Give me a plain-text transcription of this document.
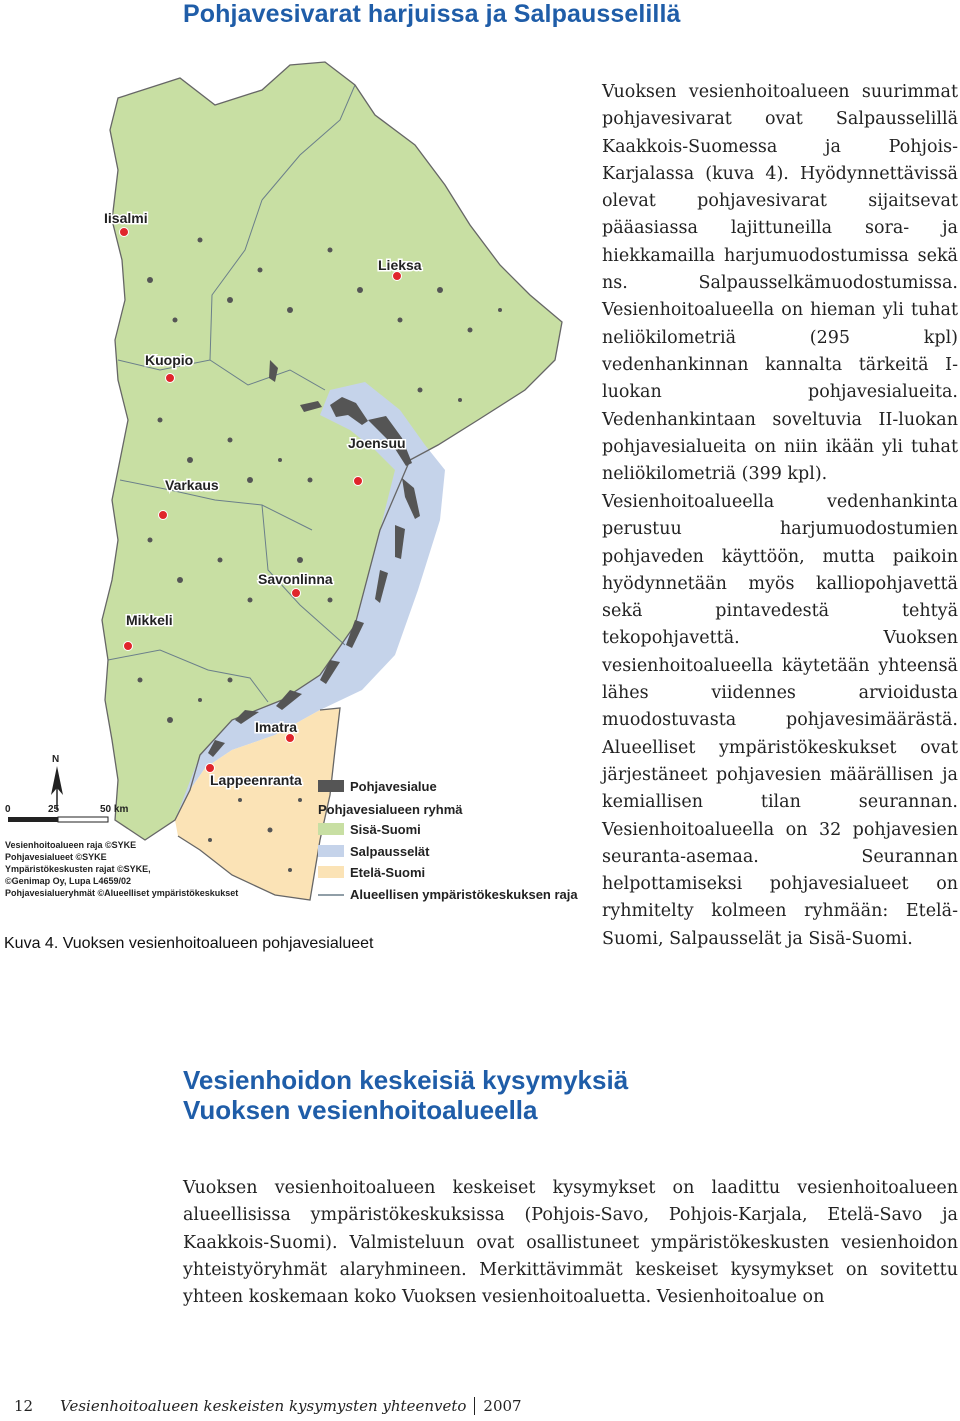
Pohjavesivarat harjuissa ja Salpausselillä
Iisalmi
Lieksa
Kuopio
Joensuu
Varkaus
Savonlinna
Mikkeli
Imatra
Lappeenranta
N
0	25	50 km
Vesienhoitoalueen raja ©SYKE
Pohjavesialueet ©SYKE
Ympäristökeskusten rajat ©SYKE,
©Genimap Oy, Lupa L4659/02
Pohjavesialueryhmät ©Alueelliset ympäristökeskukset
Pohjavesialue
Pohjavesialueen ryhmä
Sisä-Suomi
Salpausselät
Etelä-Suomi
Alueellisen ympäristökeskuksen raja

Kuva 4. Vuoksen vesienhoitoalueen pohjavesialueet

Vuoksen vesienhoitoalueen suurimmat pohjavesivarat ovat Salpausselillä Kaakkois-Suomessa ja Pohjois-Karjalassa (kuva 4). Hyödynnettävissä olevat pohjavesivarat sijaitsevat pääasiassa lajittuneilla sora- ja hiekkamailla harjumuodostumissa sekä ns. Salpausselkämuodostumissa. Vesienhoitoalueella on hieman yli tuhat neliökilometriä (295 kpl) vedenhankinnan kannalta tärkeitä I-luokan pohjavesialueita. Vedenhankintaan soveltuvia II-luokan pohjavesialueita on niin ikään yli tuhat neliökilometriä (399 kpl).

Vesienhoitoalueella vedenhankinta perustuu harjumuodostumien pohjaveden käyttöön, mutta paikoin hyödynnetään myös kalliopohjavettä sekä pintavedestä tehtyä tekopohjavettä. Vuoksen vesienhoitoalueella käytetään yhteensä lähes viidennes arvioidusta muodostuvasta pohjavesimäärästä. Alueelliset ympäristökeskukset ovat järjestäneet pohjavesien määrällisen ja kemiallisen tilan seurannan. Vesienhoitoalueella on 32 pohjavesien seuranta-asemaa. Seurannan helpottamiseksi pohjavesialueet on ryhmitelty kolmeen ryhmään: Etelä-Suomi, Salpausselät ja Sisä-Suomi.

Vesienhoidon keskeisiä kysymyksiä
Vuoksen vesienhoitoalueella

Vuoksen vesienhoitoalueen keskeiset kysymykset on laadittu vesienhoitoalueen alueellisissa ympäristökeskuksissa (Pohjois-Savo, Pohjois-Karjala, Etelä-Savo ja Kaakkois-Suomi). Valmisteluun ovat osallistuneet ympäristökeskusten vesienhoidon yhteistyöryhmät alaryhmineen. Merkittävimmät keskeiset kysymykset on sovitettu yhteen koskemaan koko Vuoksen vesienhoitoaluetta. Vesienhoitoalue on

12 Vesienhoitoalueen keskeisten kysymysten yhteenveto 2007
